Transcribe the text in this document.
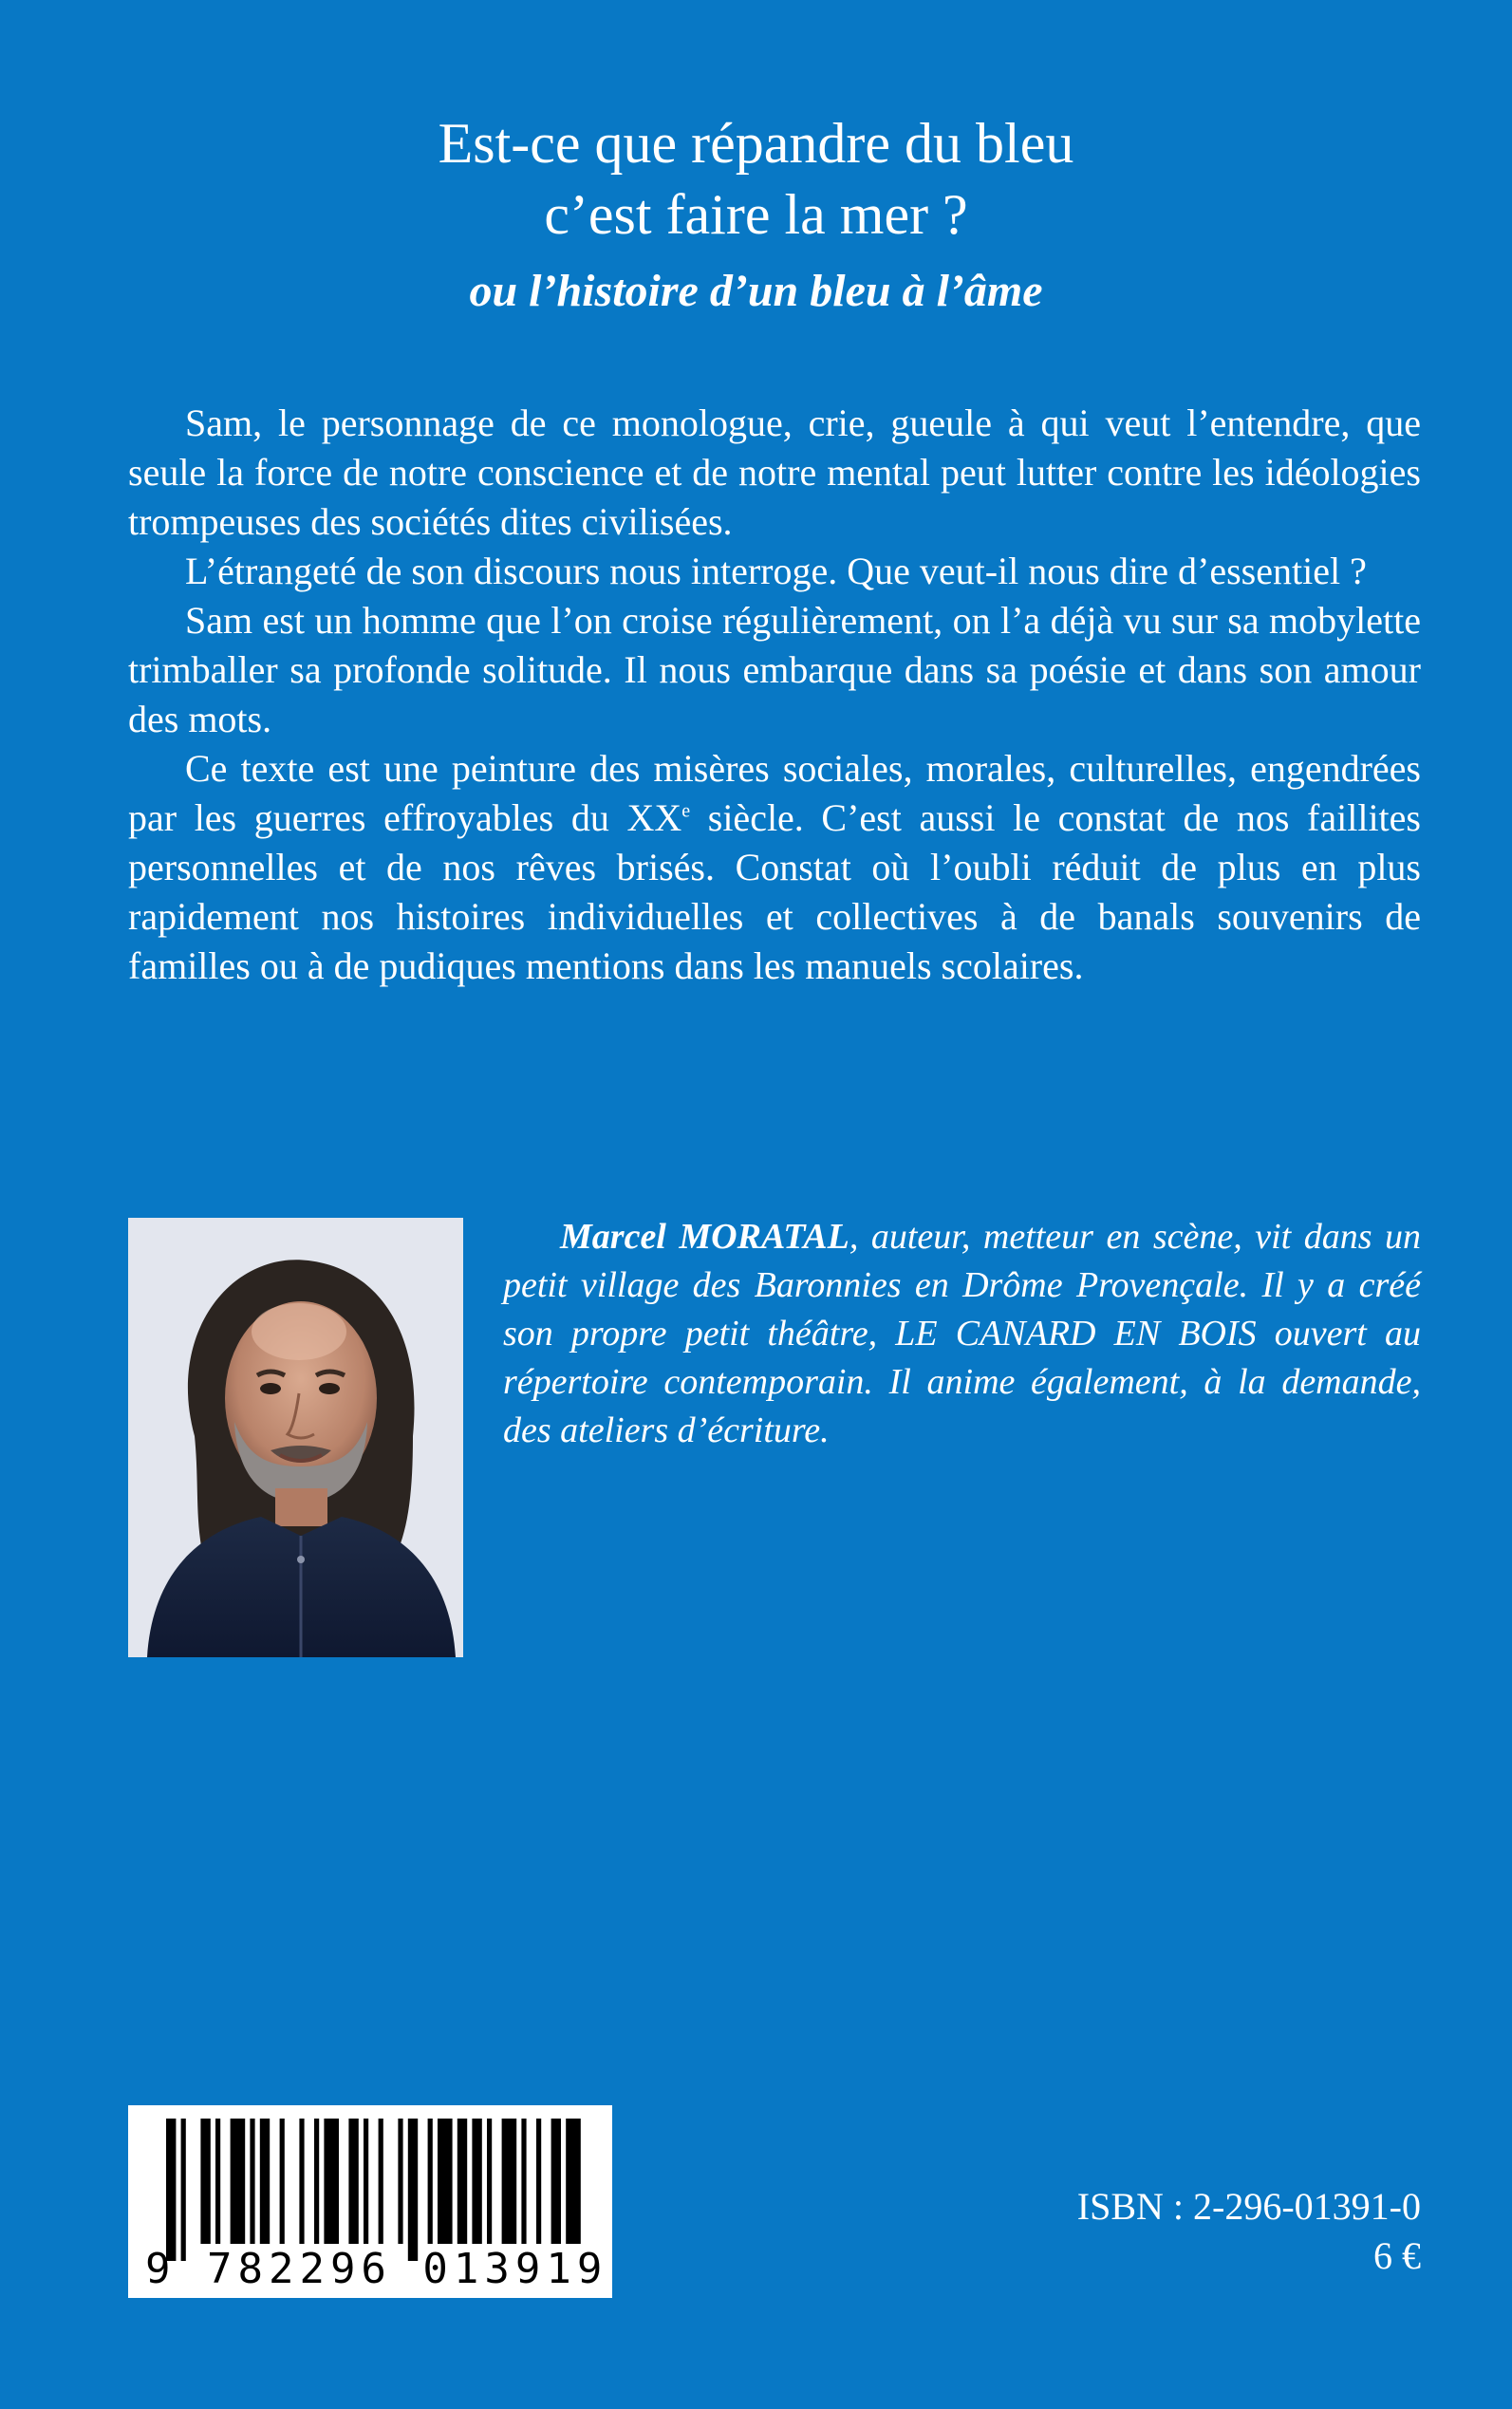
Est-ce que répandre du bleu
c’est faire la mer ?
ou l’histoire d’un bleu à l’âme

Sam, le personnage de ce monologue, crie, gueule à qui veut l’entendre, que seule la force de notre conscience et de notre mental peut lutter contre les idéologies trompeuses des sociétés dites civilisées.

L’étrangeté de son discours nous interroge. Que veut-il nous dire d’essentiel ?

Sam est un homme que l’on croise régulièrement, on l’a déjà vu sur sa mobylette trimballer sa profonde solitude. Il nous embarque dans sa poésie et dans son amour des mots.

Ce texte est une peinture des misères sociales, morales, culturelles, engendrées par les guerres effroyables du XXe siècle. C’est aussi le constat de nos faillites personnelles et de nos rêves brisés. Constat où l’oubli réduit de plus en plus rapidement nos histoires individuelles et collectives à de banals souvenirs de familles ou à de pudiques mentions dans les manuels scolaires.

Marcel MORATAL, auteur, metteur en scène, vit dans un petit village des Baronnies en Drôme Provençale. Il y a créé son propre petit théâtre, LE CANARD EN BOIS ouvert au répertoire contemporain. Il anime également, à la demande, des ateliers d’écriture.

9 782296 013919

ISBN : 2-296-01391-0

6 €
